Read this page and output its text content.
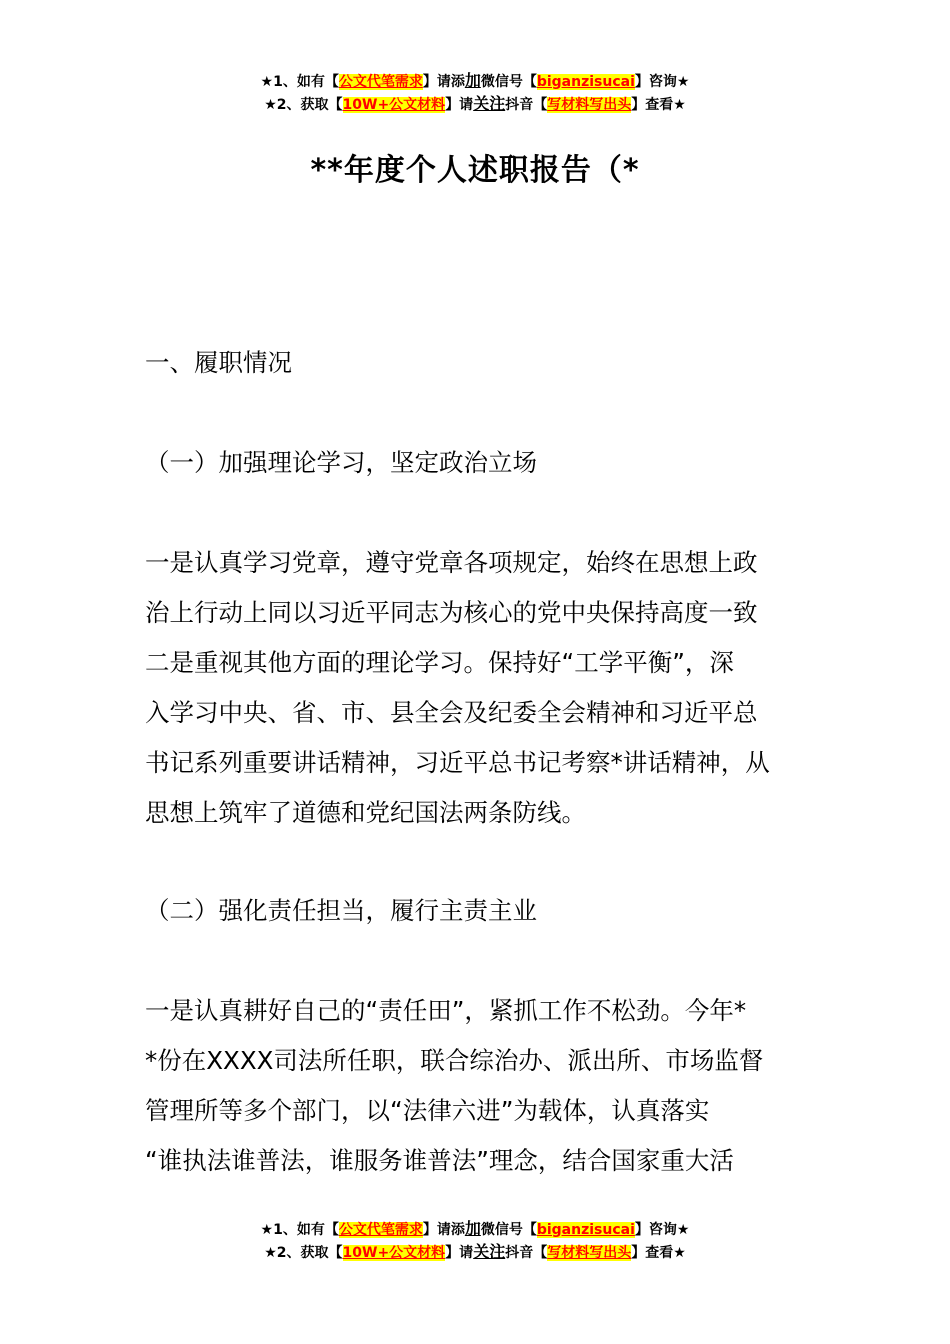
★1、如有【公文代笔需求】请添加微信号【biganzisucai】咨询★
★2、获取【10W+公文材料】请关注抖音【写材料写出头】查看★
**年度个人述职报告（*

一、履职情况

（一）加强理论学习，坚定政治立场

一是认真学习党章，遵守党章各项规定，始终在思想上政

治上行动上同以习近平同志为核心的党中央保持高度一致

二是重视其他方面的理论学习。保持好“工学平衡”，深

入学习中央、省、市、县全会及纪委全会精神和习近平总

书记系列重要讲话精神，习近平总书记考察*讲话精神，从

思想上筑牢了道德和党纪国法两条防线。

（二）强化责任担当，履行主责主业

一是认真耕好自己的“责任田”，紧抓工作不松劲。今年*

*份在XXXX司法所任职，联合综治办、派出所、市场监督

管理所等多个部门，以“法律六进”为载体，认真落实

“谁执法谁普法，谁服务谁普法”理念，结合国家重大活

★1、如有【公文代笔需求】请添加微信号【biganzisucai】咨询★
★2、获取【10W+公文材料】请关注抖音【写材料写出头】查看★
